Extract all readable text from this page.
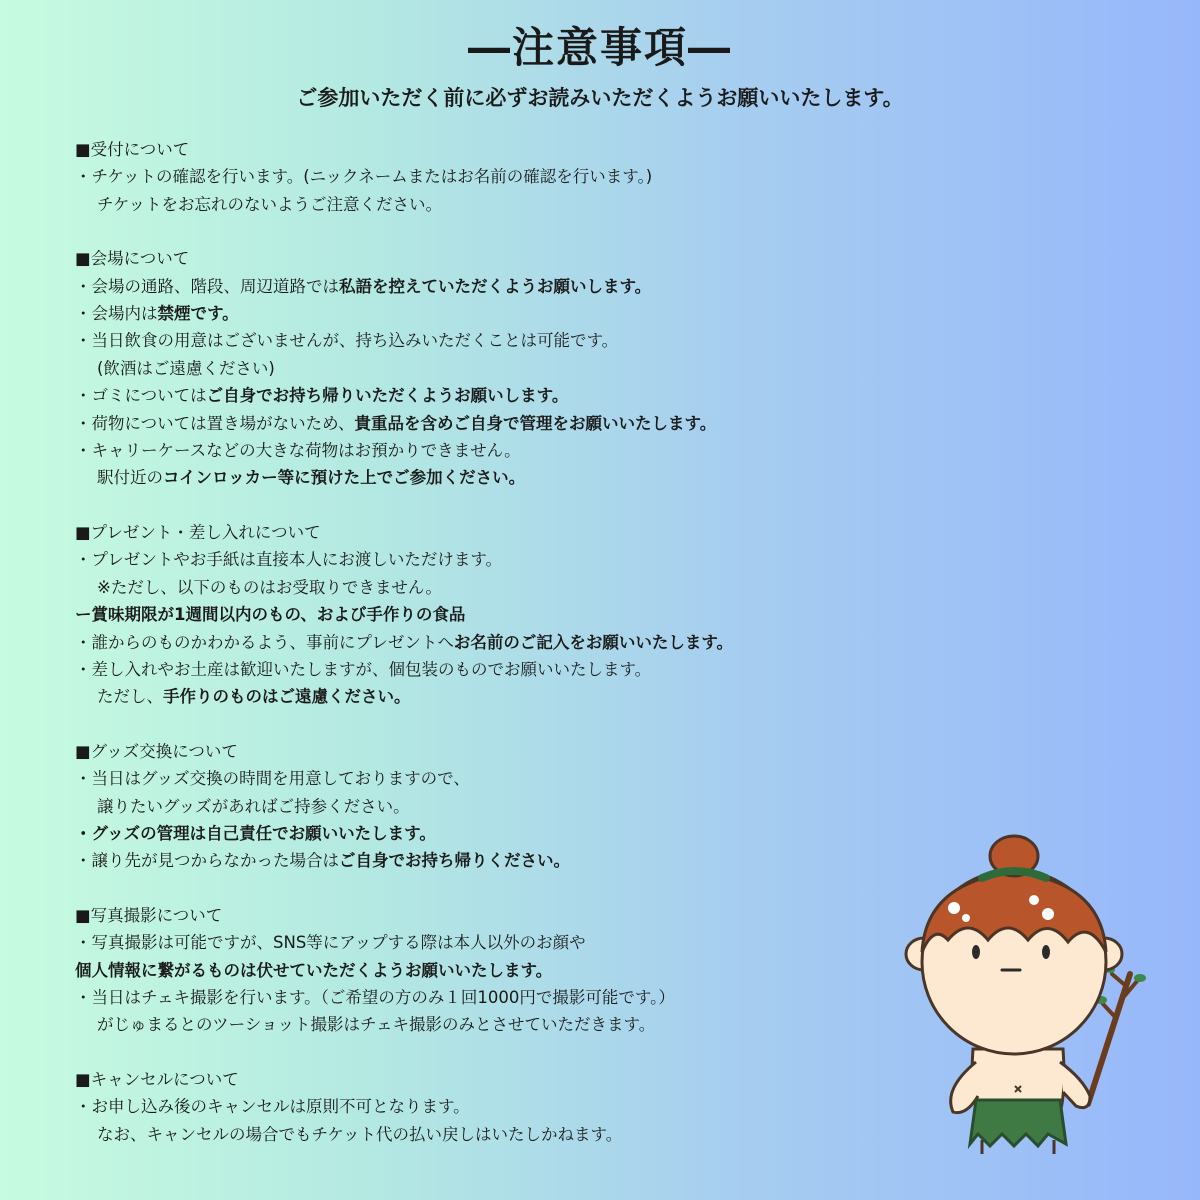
―注意事項―
ご参加いただく前に必ずお読みいただくようお願いいたします。
■受付について
・チケットの確認を行います。(ニックネームまたはお名前の確認を行います。)
チケットをお忘れのないようご注意ください。
■会場について
・会場の通路、階段、周辺道路では私語を控えていただくようお願いします。
・会場内は禁煙です。
・当日飲食の用意はございませんが、持ち込みいただくことは可能です。
(飲酒はご遠慮ください)
・ゴミについてはご自身でお持ち帰りいただくようお願いします。
・荷物については置き場がないため、貴重品を含めご自身で管理をお願いいたします。
・キャリーケースなどの大きな荷物はお預かりできません。
駅付近のコインロッカー等に預けた上でご参加ください。
■プレゼント・差し入れについて
・プレゼントやお手紙は直接本人にお渡しいただけます。
※ただし、以下のものはお受取りできません。
ー賞味期限が1週間以内のもの、および手作りの食品
・誰からのものかわかるよう、事前にプレゼントへお名前のご記入をお願いいたします。
・差し入れやお土産は歓迎いたしますが、個包装のものでお願いいたします。
ただし、手作りのものはご遠慮ください。
■グッズ交換について
・当日はグッズ交換の時間を用意しておりますので、
譲りたいグッズがあればご持参ください。
・グッズの管理は自己責任でお願いいたします。
・譲り先が見つからなかった場合はご自身でお持ち帰りください。
■写真撮影について
・写真撮影は可能ですが、SNS等にアップする際は本人以外のお顔や
個人情報に繋がるものは伏せていただくようお願いいたします。
・当日はチェキ撮影を行います。（ご希望の方のみ１回1000円で撮影可能です。）
がじゅまるとのツーショット撮影はチェキ撮影のみとさせていただきます。
■キャンセルについて
・お申し込み後のキャンセルは原則不可となります。
なお、キャンセルの場合でもチケット代の払い戻しはいたしかねます。
